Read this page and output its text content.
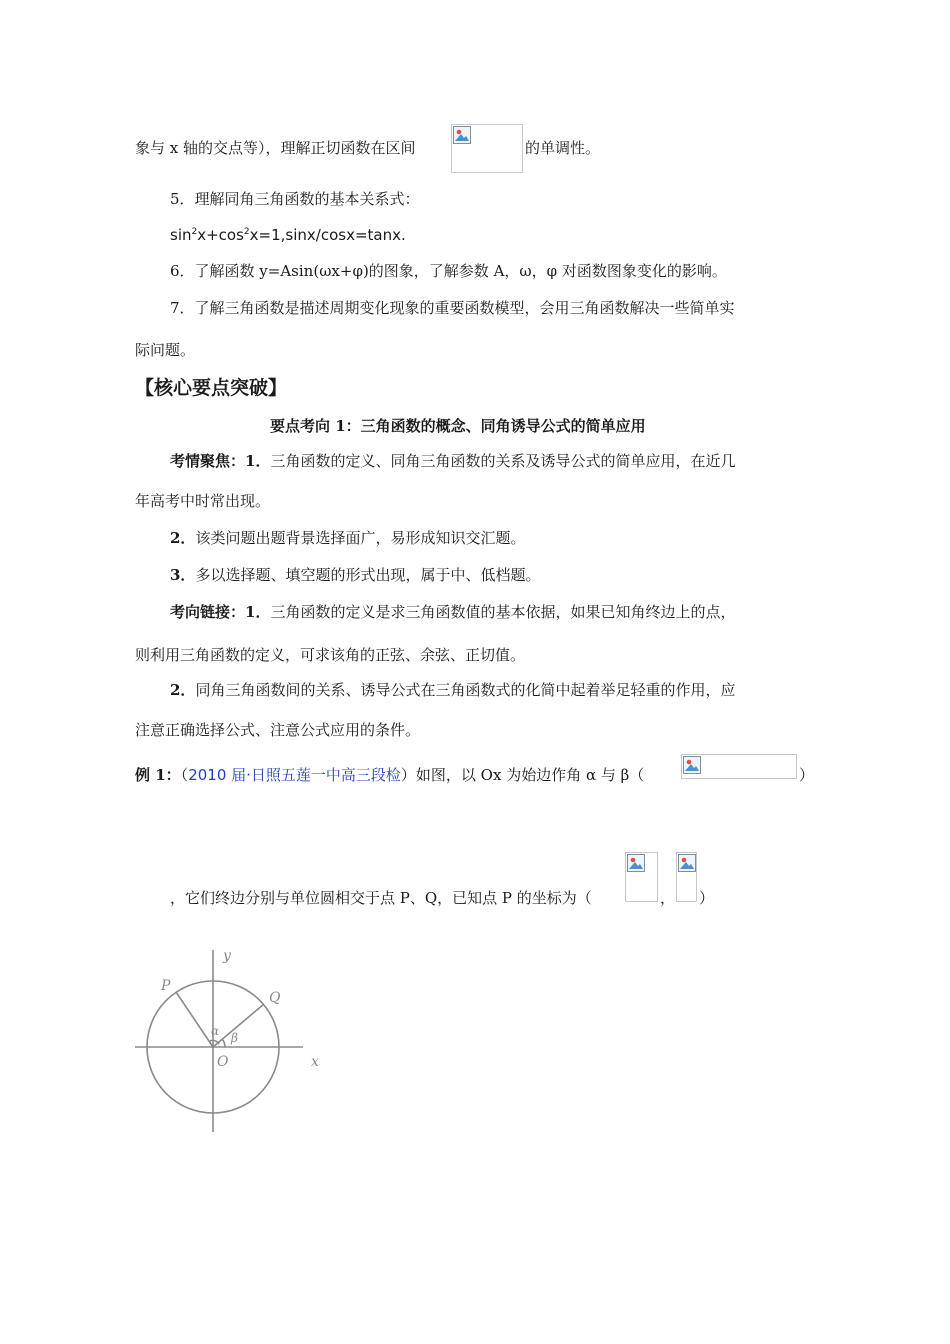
象与 x 轴的交点等），理解正切函数在区间	的单调性。
5．理解同角三角函数的基本关系式：
$\sin^2x+\cos^2x=1,\sin x/\cos x=\tan x$.
6．了解函数 y=Asin(ωx+φ)的图象，了解参数 A，ω，φ 对函数图象变化的影响。
7．了解三角函数是描述周期变化现象的重要函数模型，会用三角函数解决一些简单实
际问题。
【核心要点突破】
要点考向 1：三角函数的概念、同角诱导公式的简单应用
考情聚焦：1．三角函数的定义、同角三角函数的关系及诱导公式的简单应用，在近几
年高考中时常出现。
2．该类问题出题背景选择面广，易形成知识交汇题。
3．多以选择题、填空题的形式出现，属于中、低档题。
考向链接：1．三角函数的定义是求三角函数值的基本依据，如果已知角终边上的点，
则利用三角函数的定义，可求该角的正弦、余弦、正切值。
2．同角三角函数间的关系、诱导公式在三角函数式的化简中起着举足轻重的作用，应
注意正确选择公式、注意公式应用的条件。
例 1：（2010 届·日照五莲一中高三段检）如图，以 Ox 为始边作角 α 与 β（	）
，它们终边分别与单位圆相交于点 P、Q，已知点 P 的坐标为（	， ）
y
x
O
P
Q
α β
